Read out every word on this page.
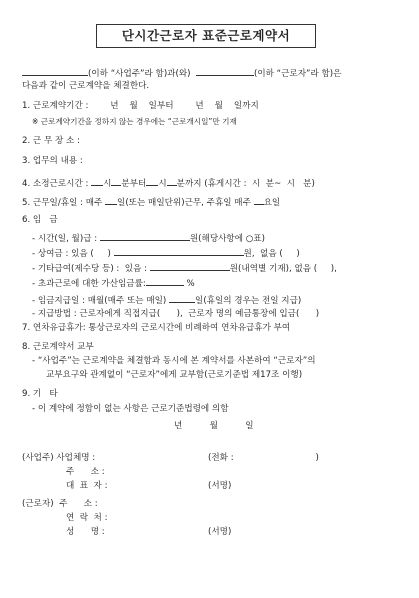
단시간근로자 표준근로계약서
(이하 “사업주”라 함)과(와)	(이하 “근로자”라 함)은
다음과 같이 근로계약을 체결한다.
1. 근로계약기간 :        년    월    일부터        년    월    일까지
※ 근로계약기간을 정하지 않는 경우에는 “근로개시일”만 기재
2. 근 무 장 소 :
3. 업무의 내용 :
4. 소정근로시간 : 시 분부터 시 분까지 (휴게시간 :  시  분~  시   분)
5. 근무일/휴일 : 매주 일(또는 매일단위)근무, 주휴일 매주 요일
6. 임   금
- 시간(일, 월)급 :	원(해당사항에 ○표)
- 상여금 : 있음 (     )	원,  없음 (     )
- 기타급여(제수당 등) :  있음 :	원(내역별 기재), 없음 (     ),
- 초과근로에 대한 가산임금률:	%
- 임금지급일 : 매월(매주 또는 매일)	일(휴일의 경우는 전일 지급)
- 지급방법 : 근로자에게 직접지급(      ),  근로자 명의 예금통장에 입금(      )
7. 연차유급휴가: 통상근로자의 근로시간에 비례하여 연차유급휴가 부여
8. 근로계약서 교부
- “사업주”는 근로계약을 체결함과 동시에 본 계약서를 사본하여 “근로자”의
교부요구와 관계없이 “근로자”에게 교부함(근로기준법 제17조 이행)
9. 기   타
- 이 계약에 정함이 없는 사항은 근로기준법령에 의함
년          월          일
(사업주) 사업체명 :	(전화 :                              )
주      소 :
대  표  자 :	(서명)
(근로자)  주      소 :
연  락  처 :
성      명 :	(서명)
